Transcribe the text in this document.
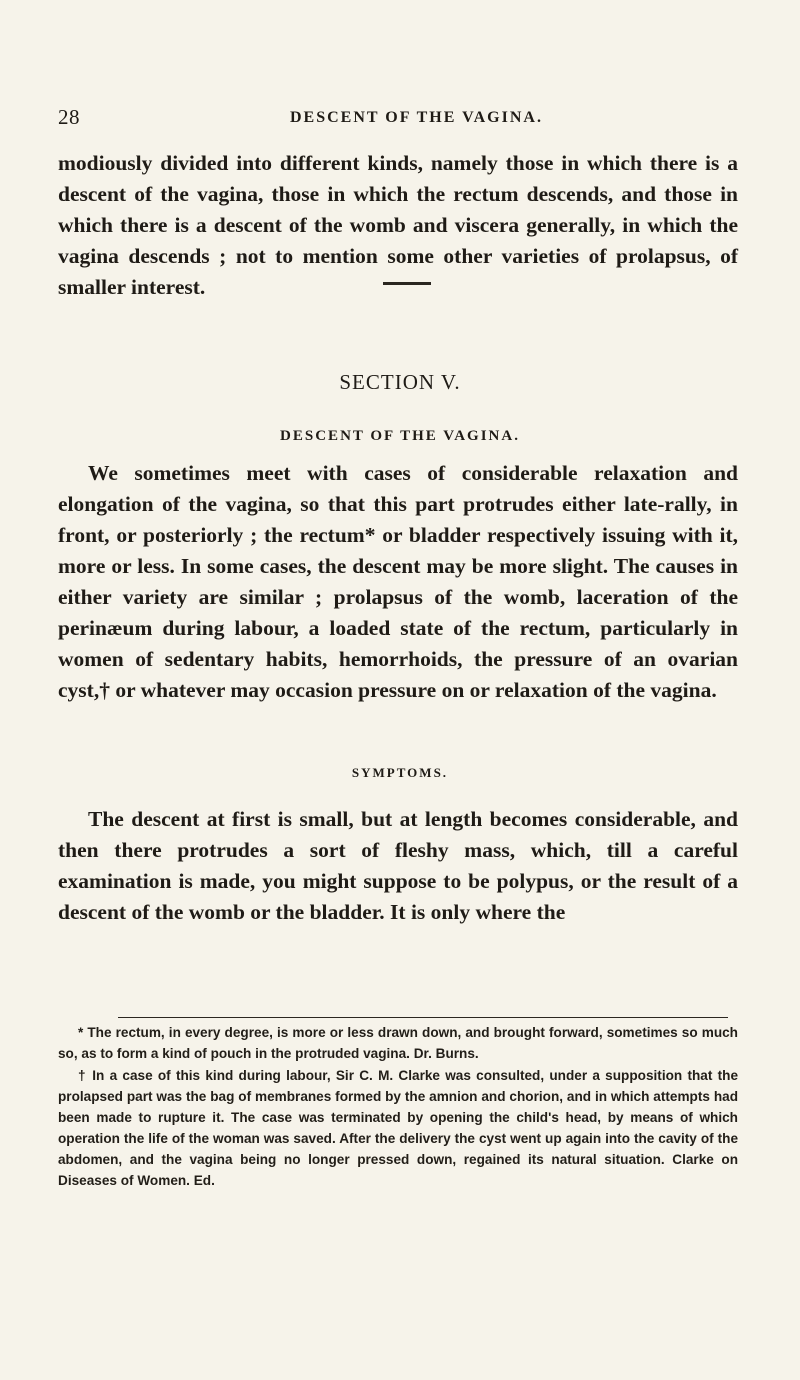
28	DESCENT OF THE VAGINA.

modiously divided into different kinds, namely those in which there is a descent of the vagina, those in which the rectum descends, and those in which there is a descent of the womb and viscera generally, in which the vagina descends ; not to mention some other varieties of prolapsus, of smaller interest.

SECTION V.
DESCENT OF THE VAGINA.

We sometimes meet with cases of considerable relaxation and elongation of the vagina, so that this part protrudes either late-rally, in front, or posteriorly ; the rectum* or bladder respectively issuing with it, more or less. In some cases, the descent may be more slight. The causes in either variety are similar ; prolapsus of the womb, laceration of the perinæum during labour, a loaded state of the rectum, particularly in women of sedentary habits, hemorrhoids, the pressure of an ovarian cyst,† or whatever may occasion pressure on or relaxation of the vagina.

SYMPTOMS.

The descent at first is small, but at length becomes considerable, and then there protrudes a sort of fleshy mass, which, till a careful examination is made, you might suppose to be polypus, or the result of a descent of the womb or the bladder. It is only where the

* The rectum, in every degree, is more or less drawn down, and brought forward, sometimes so much so, as to form a kind of pouch in the protruded vagina. Dr. Burns.

† In a case of this kind during labour, Sir C. M. Clarke was consulted, under a supposition that the prolapsed part was the bag of membranes formed by the amnion and chorion, and in which attempts had been made to rupture it. The case was terminated by opening the child's head, by means of which operation the life of the woman was saved. After the delivery the cyst went up again into the cavity of the abdomen, and the vagina being no longer pressed down, regained its natural situation. Clarke on Diseases of Women. Ed.
